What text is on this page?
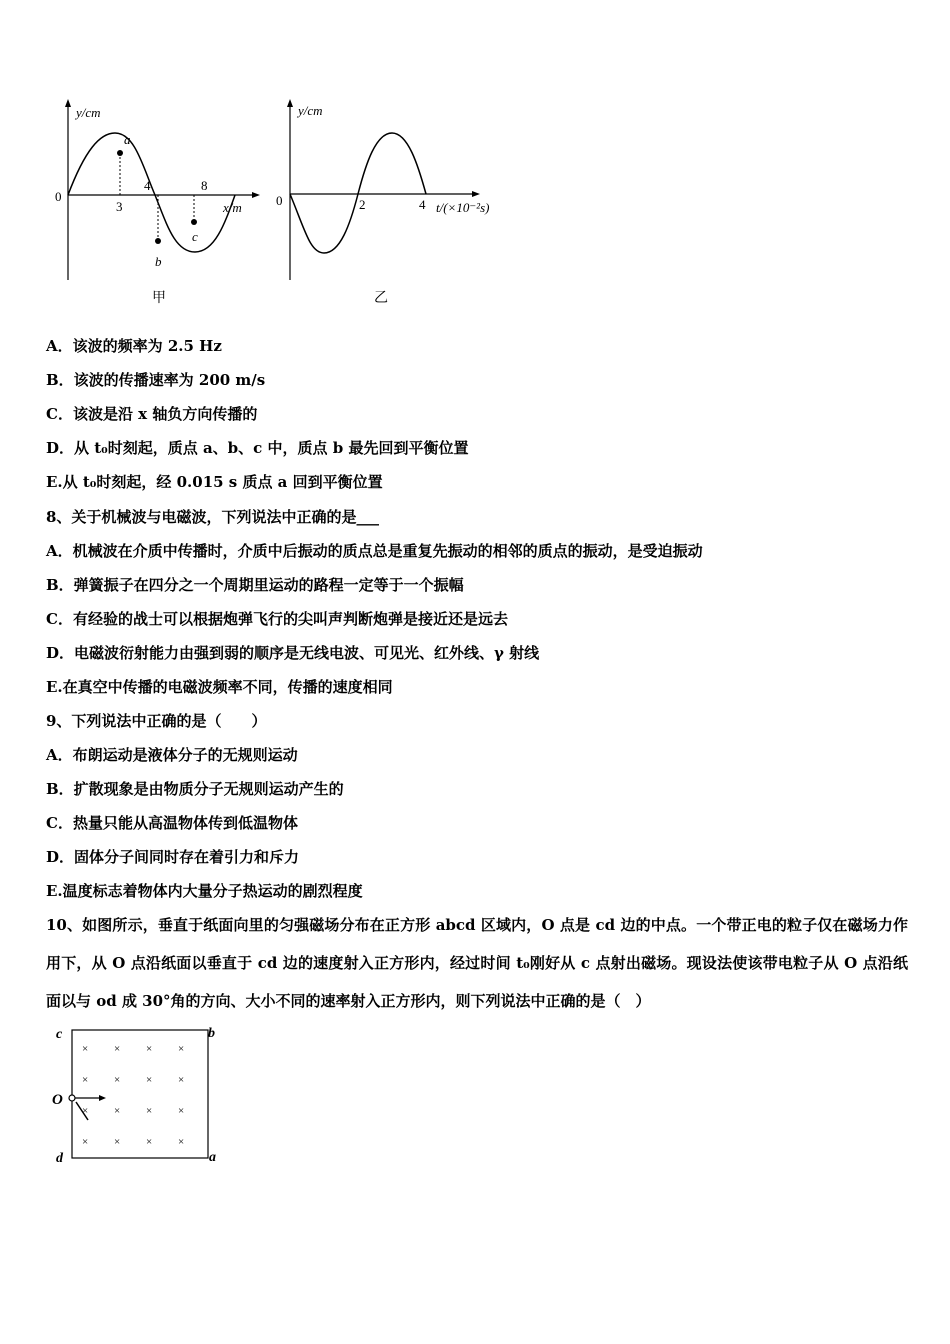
y/cm
0
3
4	8
x/m
a
b
c
甲
y/cm
0	2	4 t/(×10⁻²s)
乙
A．该波的频率为 2.5 Hz
B．该波的传播速率为 200 m/s
C．该波是沿 x 轴负方向传播的
D．从 t₀时刻起，质点 a、b、c 中，质点 b 最先回到平衡位置
E.从 t₀时刻起，经 0.015 s 质点 a 回到平衡位置
8、关于机械波与电磁波，下列说法中正确的是___
A．机械波在介质中传播时，介质中后振动的质点总是重复先振动的相邻的质点的振动，是受迫振动
B．弹簧振子在四分之一个周期里运动的路程一定等于一个振幅
C．有经验的战士可以根据炮弹飞行的尖叫声判断炮弹是接近还是远去
D．电磁波衍射能力由强到弱的顺序是无线电波、可见光、红外线、γ 射线
E.在真空中传播的电磁波频率不同，传播的速度相同
9、下列说法中正确的是（　　）
A．布朗运动是液体分子的无规则运动
B．扩散现象是由物质分子无规则运动产生的
C．热量只能从高温物体传到低温物体
D．固体分子间同时存在着引力和斥力
E.温度标志着物体内大量分子热运动的剧烈程度
10、如图所示，垂直于纸面向里的匀强磁场分布在正方形 abcd 区域内，O 点是 cd 边的中点。一个带正电的粒子仅在磁场力作用下，从 O 点沿纸面以垂直于 cd 边的速度射入正方形内，经过时间 t₀刚好从 c 点射出磁场。现设法使该带电粒子从 O 点沿纸面以与 od 成 30°角的方向、大小不同的速率射入正方形内，则下列说法中正确的是（　）
× × × ×
× × × ×
× × × ×
× × × ×
c	b
d	a
O
